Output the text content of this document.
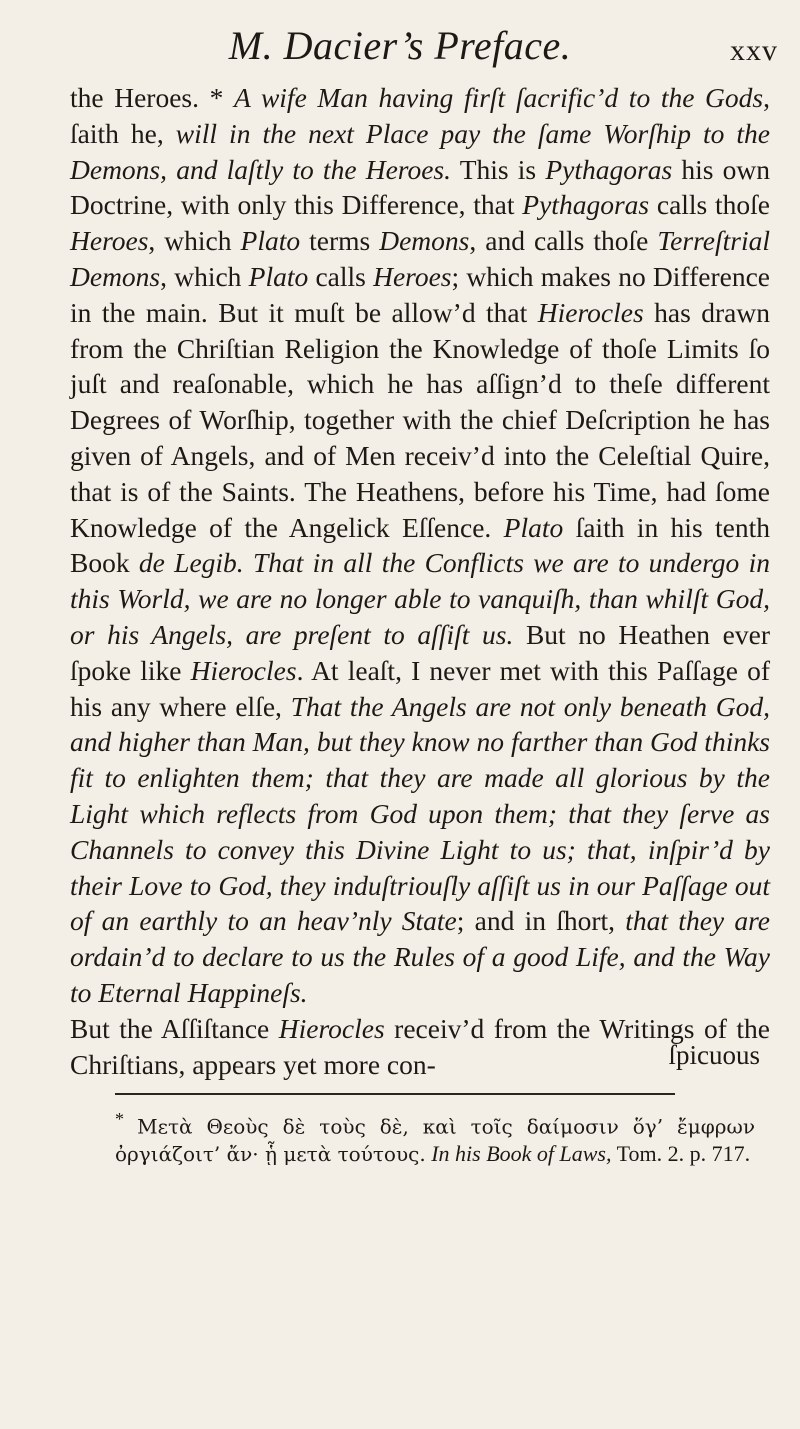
M. Dacier’s Preface.	xxv

the Heroes. * A wife Man having firſt ſacrific’d to the Gods, ſaith he, will in the next Place pay the ſame Worſhip to the Demons, and laſtly to the Heroes. This is Pythagoras his own Doctrine, with only this Difference, that Pythagoras calls thoſe Heroes, which Plato terms Demons, and calls thoſe Terreſtrial Demons, which Plato calls Heroes; which makes no Difference in the main. But it muſt be allow’d that Hierocles has drawn from the Chriſtian Religion the Knowledge of thoſe Limits ſo juſt and reaſonable, which he has aſſign’d to theſe different Degrees of Worſhip, together with the chief Deſcription he has given of Angels, and of Men receiv’d into the Celeſtial Quire, that is of the Saints. The Heathens, before his Time, had ſome Knowledge of the Angelick Eſſence. Plato ſaith in his tenth Book de Legib. That in all the Conflicts we are to undergo in this World, we are no longer able to vanquiſh, than whilſt God, or his Angels, are preſent to aſſiſt us. But no Heathen ever ſpoke like Hierocles. At leaſt, I never met with this Paſſage of his any where elſe, That the Angels are not only beneath God, and higher than Man, but they know no farther than God thinks fit to enlighten them; that they are made all glorious by the Light which reflects from God upon them; that they ſerve as Channels to convey this Divine Light to us; that, inſpir’d by their Love to God, they induſtriouſly aſſiſt us in our Paſſage out of an earthly to an heav’nly State; and in ſhort, that they are ordain’d to declare to us the Rules of a good Life, and the Way to Eternal Happineſs.

But the Aſſiſtance Hierocles receiv’d from the Writings of the Chriſtians, appears yet more con-	ſpicuous
* Μετὰ Θεοὺς δὲ τοὺς δὲ, καὶ τοῖς δαίμοσιν ὅγ’ ἔμφρων ὀργιάζοιτ’ ἄν· ᾗ μετὰ τούτους. In his Book of Laws, Tom. 2. p. 717.
